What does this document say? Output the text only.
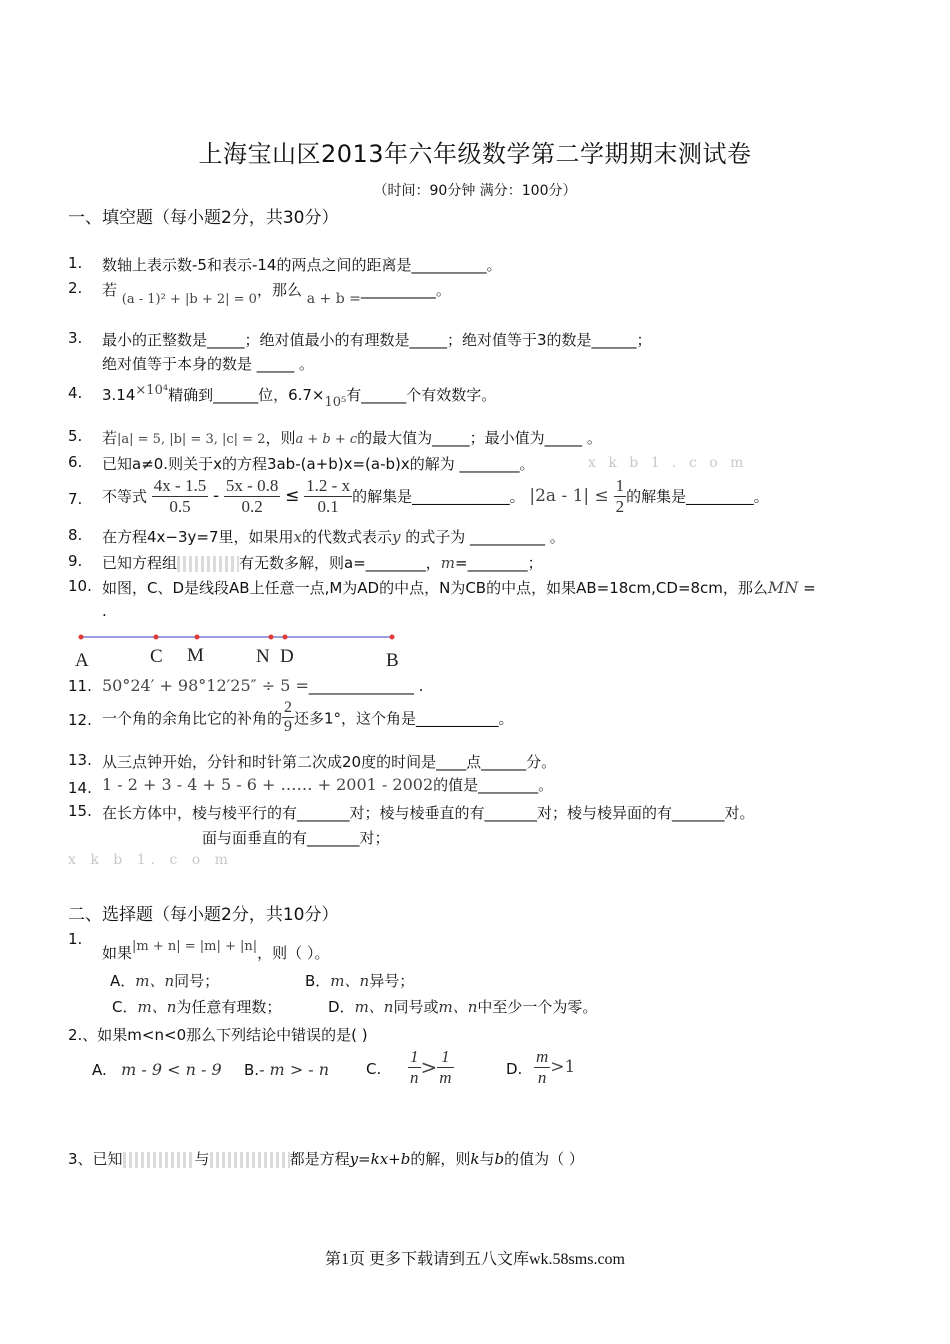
上海宝山区2013年六年级数学第二学期期末测试卷
（时间：90分钟 满分：100分）
一、填空题（每小题2分，共30分）
1. 数轴上表示数-5和表示-14的两点之间的距离是__________。
2. 若 (a - 1)² + |b + 2| = 0，那么 a + b =__________。
3. 最小的正整数是_____；绝对值最小的有理数是_____；绝对值等于3的数是______；
绝对值等于本身的数是 _____ 。
4. 3.14×10⁴精确到______位，6.7×10⁵有______个有效数字。
5. 若|a| = 5, |b| = 3, |c| = 2，则a + b + c的最大值为_____；最小值为_____ 。
6. 已知a≠0.则关于x的方程3ab-(a+b)x=(a-b)x的解为 ________。	x k b 1 . c o m
7. 不等式 $\frac{4x - 1.5}{0.5} - \frac{5x - 0.8}{0.2} \le \frac{1.2 - x}{0.1}$ 的解集是_____________。 $|2a - 1| \le \frac{1}{2}$ 的解集是_________。
8. 在方程4x−3y=7里，如果用x的代数式表示y 的式子为 __________ 。
9. 已知方程组	有无数多解，则a=________，m=________；
10. 如图，C、D是线段AB上任意一点,M为AD的中点，N为CB的中点，如果AB=18cm,CD=8cm，那么MN =
.
A	C M	N D	B
11. 50°24′ + 98°12′25″ ÷ 5 =______________ .
12. 一个角的余角比它的补角的 $\frac{2}{9}$ 还多1°，这个角是___________。
13. 从三点钟开始，分针和时针第二次成20度的时间是____点______分。
14. 1 - 2 + 3 - 4 + 5 - 6 + …… + 2001 - 2002的值是________。
15. 在长方体中，棱与棱平行的有_______对；棱与棱垂直的有_______对；棱与棱异面的有_______对。
面与面垂直的有_______对；
x k b 1. c o m
二、选择题（每小题2分，共10分）
1.
如果|m + n| = |m| + |n|，则（ ）。
A．m、n同号；	B．m、n异号；
C．m、n为任意有理数；	D．m、n同号或m、n中至少一个为零。
2.、如果m<n<0那么下列结论中错误的是( )
A. m - 9 < n - 9 B.- m > - n C. $\frac{1}{n} > \frac{1}{m}$	D. $\frac{m}{n} >1$
3、已知	与	都是方程y=kx+b的解，则k与b的值为（ ）
第1页 更多下载请到五八文库wk.58sms.com
